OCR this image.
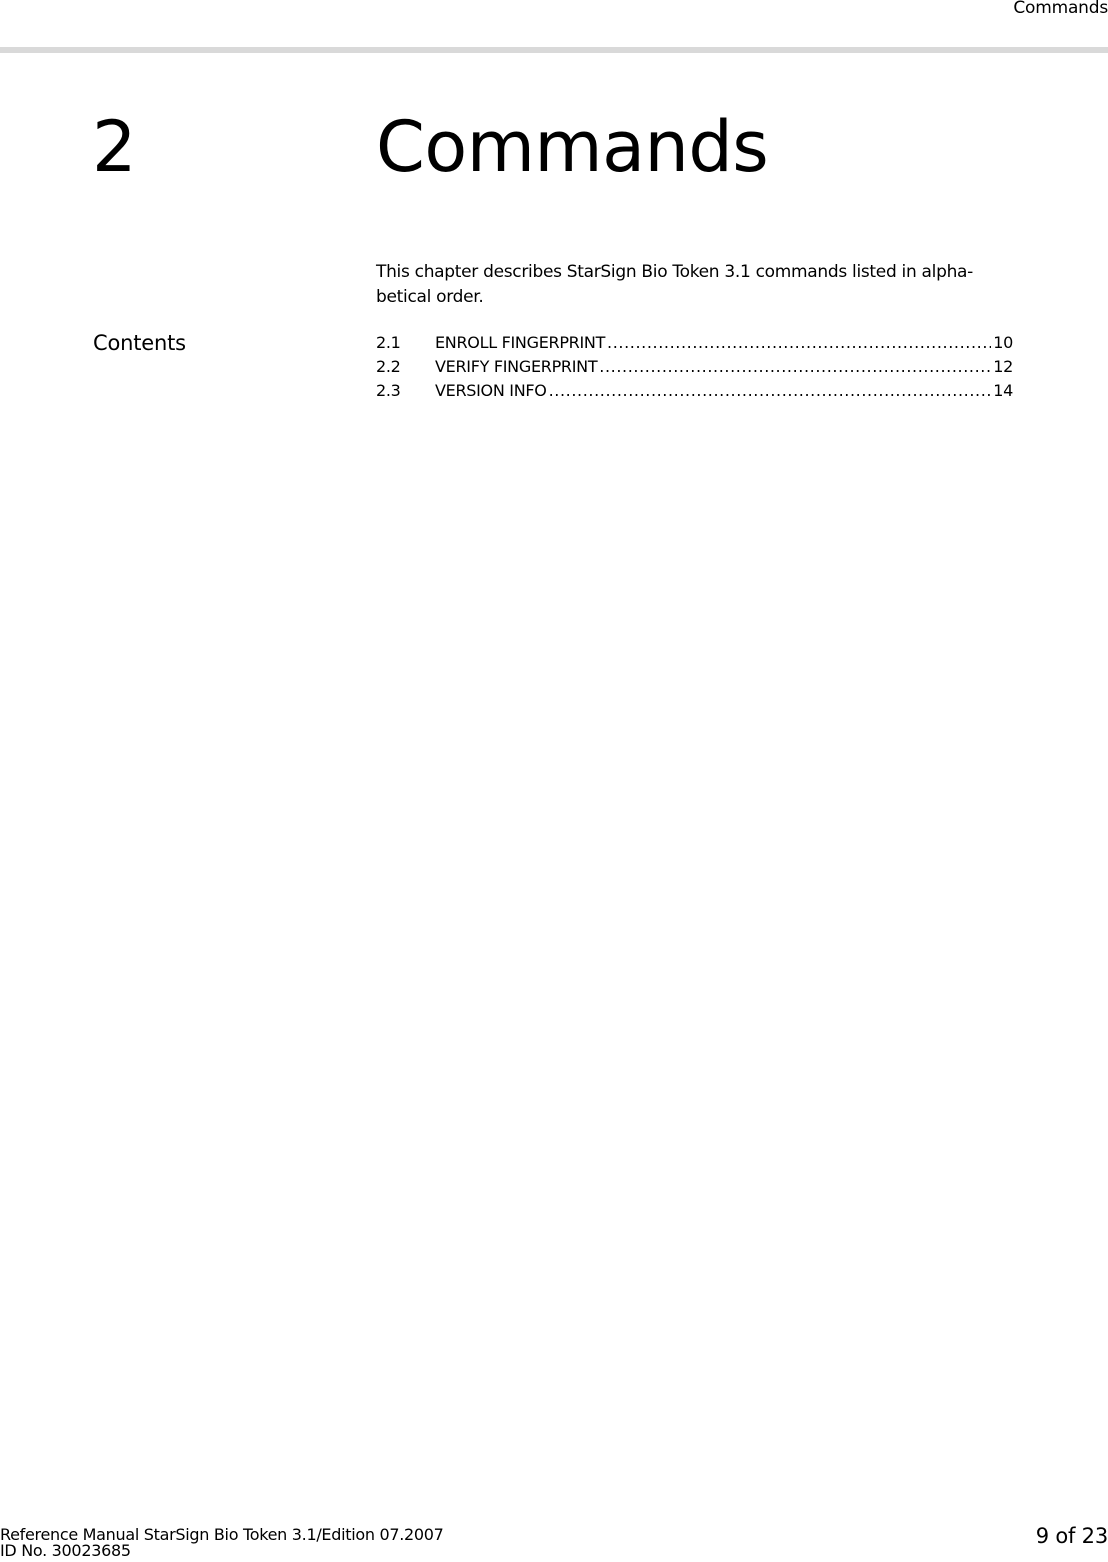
Commands
2	Commands
This chapter describes StarSign Bio Token 3.1 commands listed in alpha-betical order.
Contents	2.1	ENROLL FINGERPRINT .....	10
2.2	VERIFY FINGERPRINT .....	12
2.3	VERSION INFO .....	14
Reference Manual StarSign Bio Token 3.1/Edition 07.2007
ID No. 30023685
9 of 23
